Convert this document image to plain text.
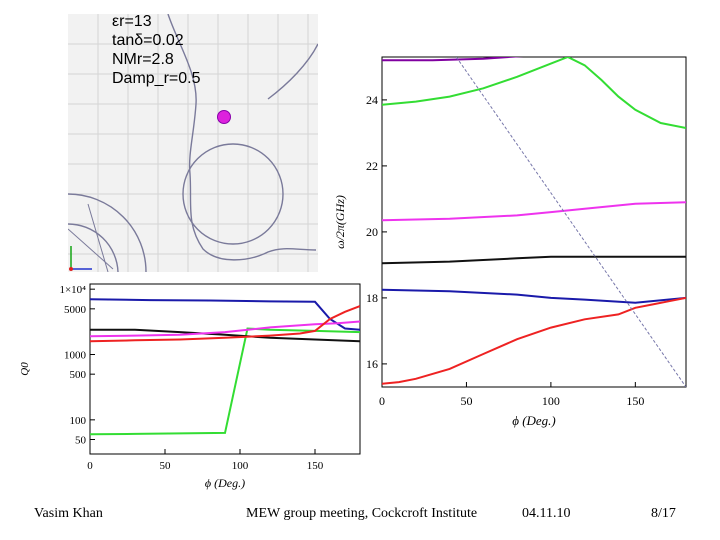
εr=13
tanδ=0.02
NMr=2.8
Damp_r=0.5
0	50	100	150
16
18
20
22
24
ϕ (Deg.)
ω/2π(GHz)
0	50	100	150
50
100
500
1000
5000
1×10⁴
ϕ (Deg.)
Q0
Vasim Khan	MEW group meeting, Cockcroft Institute	04.11.10	8/17
